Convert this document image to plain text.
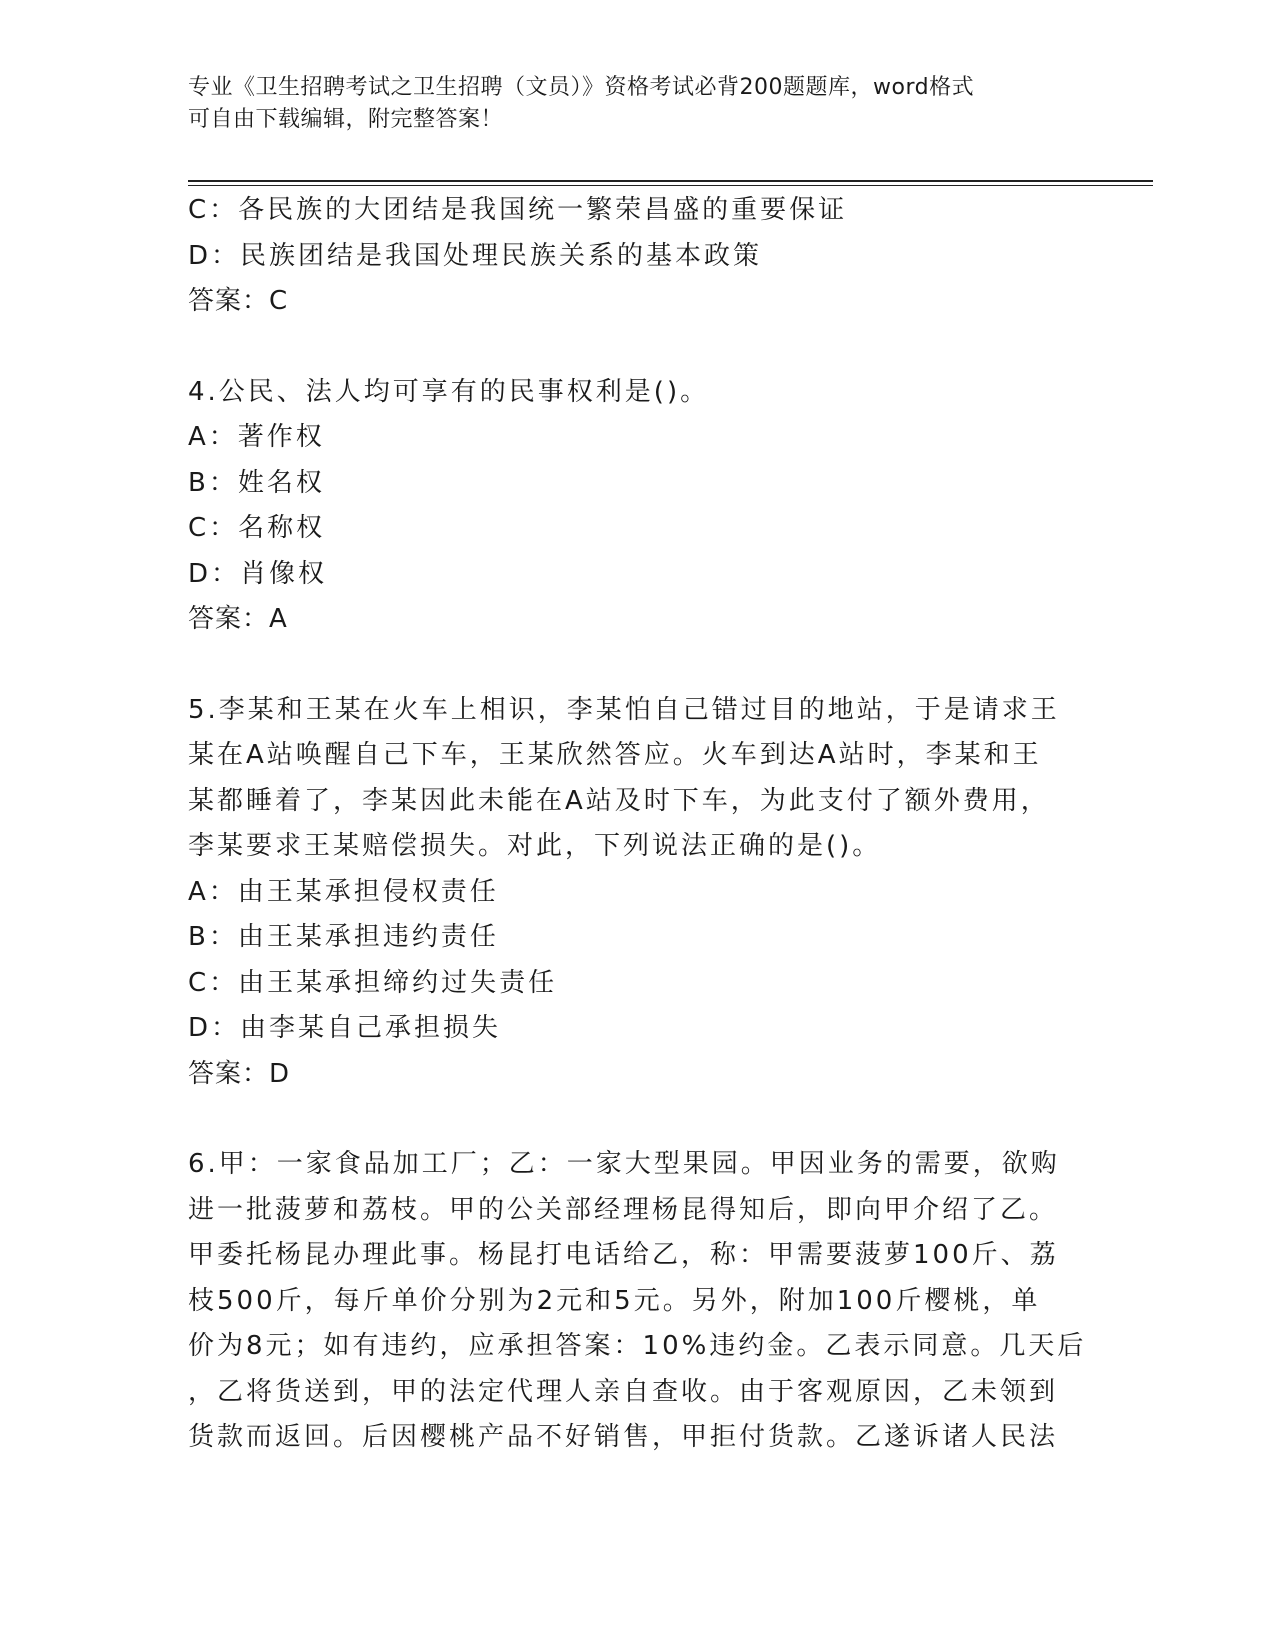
专业《卫生招聘考试之卫生招聘（文员）》资格考试必背200题题库，word格式
可自由下载编辑，附完整答案！
C：各民族的大团结是我国统一繁荣昌盛的重要保证
D：民族团结是我国处理民族关系的基本政策
答案：C
4.公民、法人均可享有的民事权利是()。
A：著作权
B：姓名权
C：名称权
D：肖像权
答案：A
5.李某和王某在火车上相识，李某怕自己错过目的地站，于是请求王
某在A站唤醒自己下车，王某欣然答应。火车到达A站时，李某和王
某都睡着了，李某因此未能在A站及时下车，为此支付了额外费用，
李某要求王某赔偿损失。对此，下列说法正确的是()。
A：由王某承担侵权责任
B：由王某承担违约责任
C：由王某承担缔约过失责任
D：由李某自己承担损失
答案：D
6.甲：一家食品加工厂；乙：一家大型果园。甲因业务的需要，欲购
进一批菠萝和荔枝。甲的公关部经理杨昆得知后，即向甲介绍了乙。
甲委托杨昆办理此事。杨昆打电话给乙，称：甲需要菠萝100斤、荔
枝500斤，每斤单价分别为2元和5元。另外，附加100斤樱桃，单
价为8元；如有违约，应承担答案：10%违约金。乙表示同意。几天后
，乙将货送到，甲的法定代理人亲自查收。由于客观原因，乙未领到
货款而返回。后因樱桃产品不好销售，甲拒付货款。乙遂诉诸人民法
